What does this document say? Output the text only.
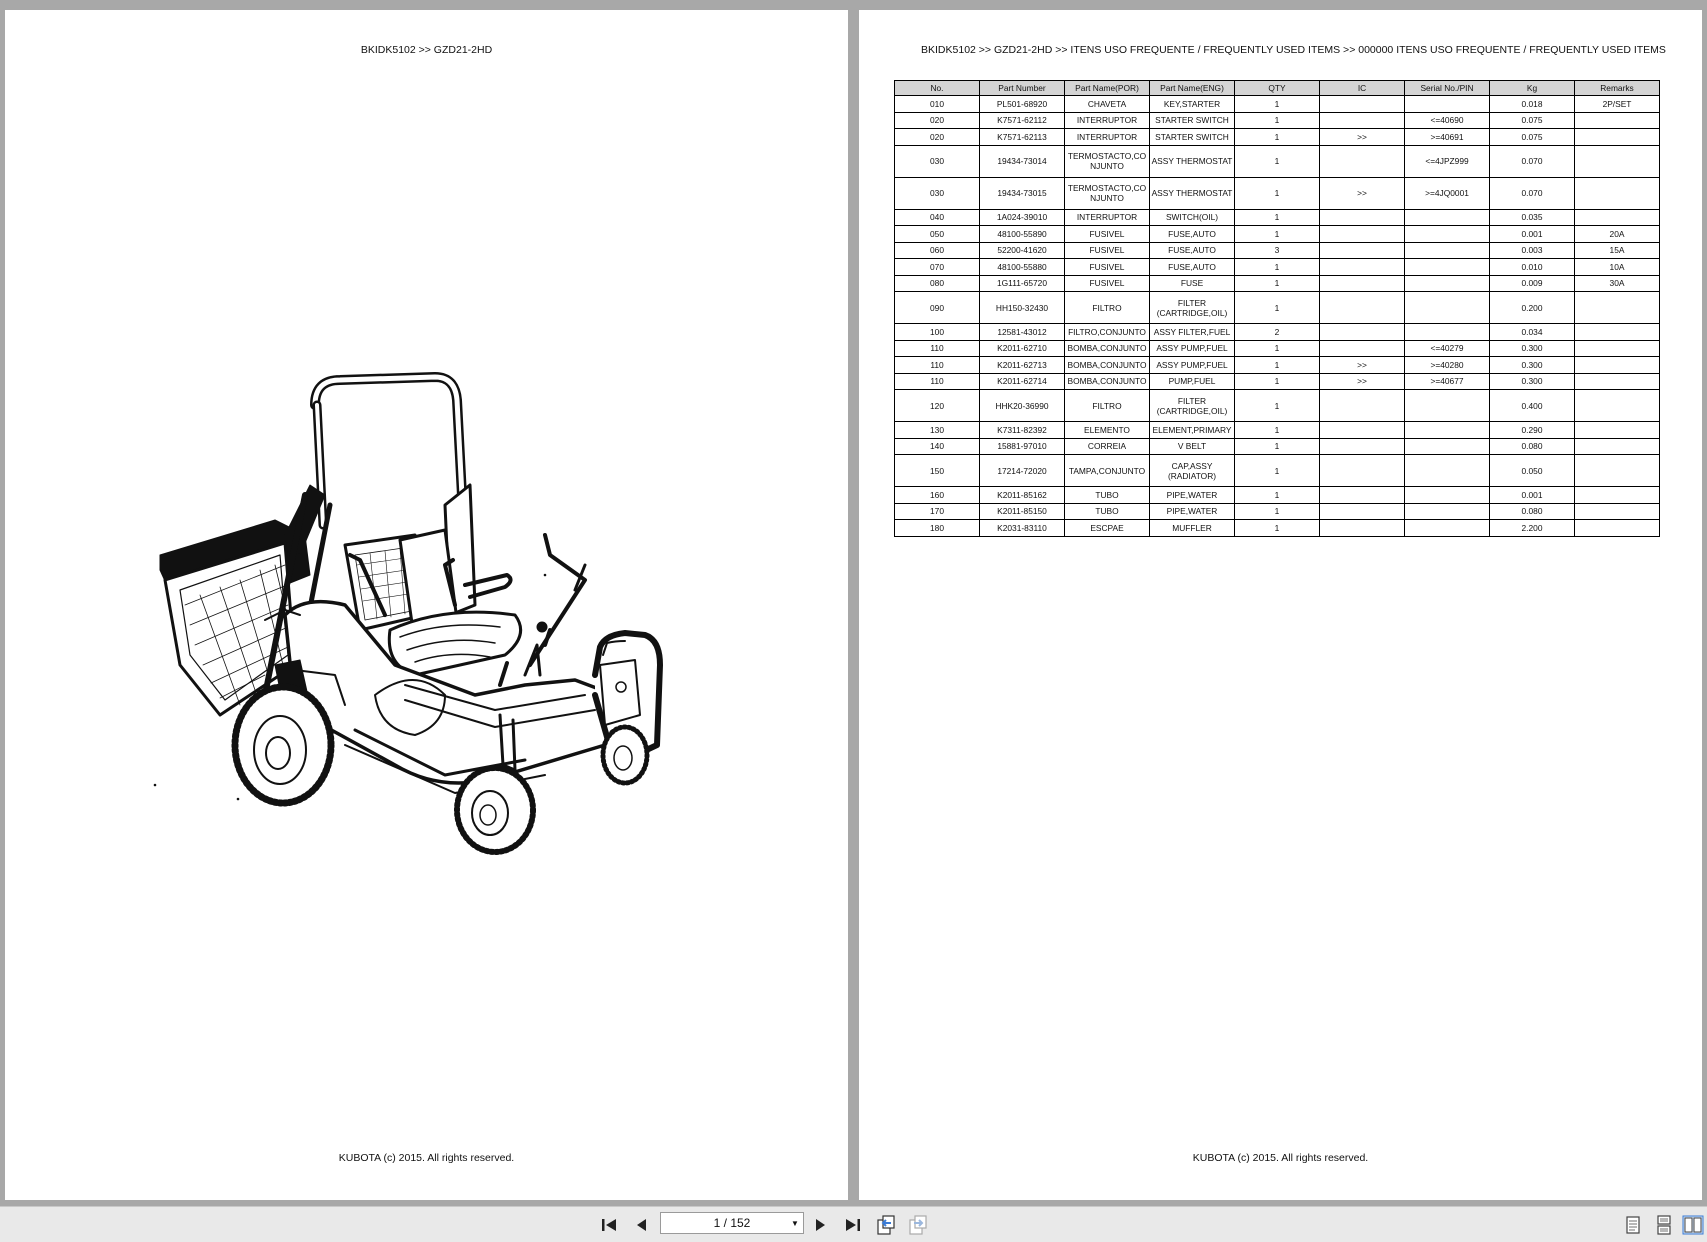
BKIDK5102 >> GZD21-2HD
KUBOTA (c) 2015. All rights reserved.
BKIDK5102 >> GZD21-2HD >> ITENS USO FREQUENTE / FREQUENTLY USED ITEMS >> 000000 ITENS USO FREQUENTE / FREQUENTLY USED ITEMS
No.	Part Number	Part Name(POR)	Part Name(ENG)	QTY	IC	Serial No./PIN	Kg	Remarks
010	PL501-68920	CHAVETA	KEY,STARTER	1			0.018	2P/SET
020	K7571-62112	INTERRUPTOR	STARTER SWITCH	1		<=40690	0.075	
020	K7571-62113	INTERRUPTOR	STARTER SWITCH	1	>>	>=40691	0.075	
030	19434-73014	TERMOSTACTO,CO NJUNTO	ASSY THERMOSTAT	1		<=4JPZ999	0.070	
030	19434-73015	TERMOSTACTO,CO NJUNTO	ASSY THERMOSTAT	1	>>	>=4JQ0001	0.070	
040	1A024-39010	INTERRUPTOR	SWITCH(OIL)	1			0.035	
050	48100-55890	FUSIVEL	FUSE,AUTO	1			0.001	20A
060	52200-41620	FUSIVEL	FUSE,AUTO	3			0.003	15A
070	48100-55880	FUSIVEL	FUSE,AUTO	1			0.010	10A
080	1G111-65720	FUSIVEL	FUSE	1			0.009	30A
090	HH150-32430	FILTRO	FILTER (CARTRIDGE,OIL)	1			0.200	
100	12581-43012	FILTRO,CONJUNTO	ASSY FILTER,FUEL	2			0.034	
110	K2011-62710	BOMBA,CONJUNTO	ASSY PUMP,FUEL	1		<=40279	0.300	
110	K2011-62713	BOMBA,CONJUNTO	ASSY PUMP,FUEL	1	>>	>=40280	0.300	
110	K2011-62714	BOMBA,CONJUNTO	PUMP,FUEL	1	>>	>=40677	0.300	
120	HHK20-36990	FILTRO	FILTER (CARTRIDGE,OIL)	1			0.400	
130	K7311-82392	ELEMENTO	ELEMENT,PRIMARY	1			0.290	
140	15881-97010	CORREIA	V BELT	1			0.080	
150	17214-72020	TAMPA,CONJUNTO	CAP,ASSY (RADIATOR)	1			0.050	
160	K2011-85162	TUBO	PIPE,WATER	1			0.001	
170	K2011-85150	TUBO	PIPE,WATER	1			0.080	
180	K2031-83110	ESCPAE	MUFFLER	1			2.200	
KUBOTA (c) 2015. All rights reserved.
1 / 152	▼
